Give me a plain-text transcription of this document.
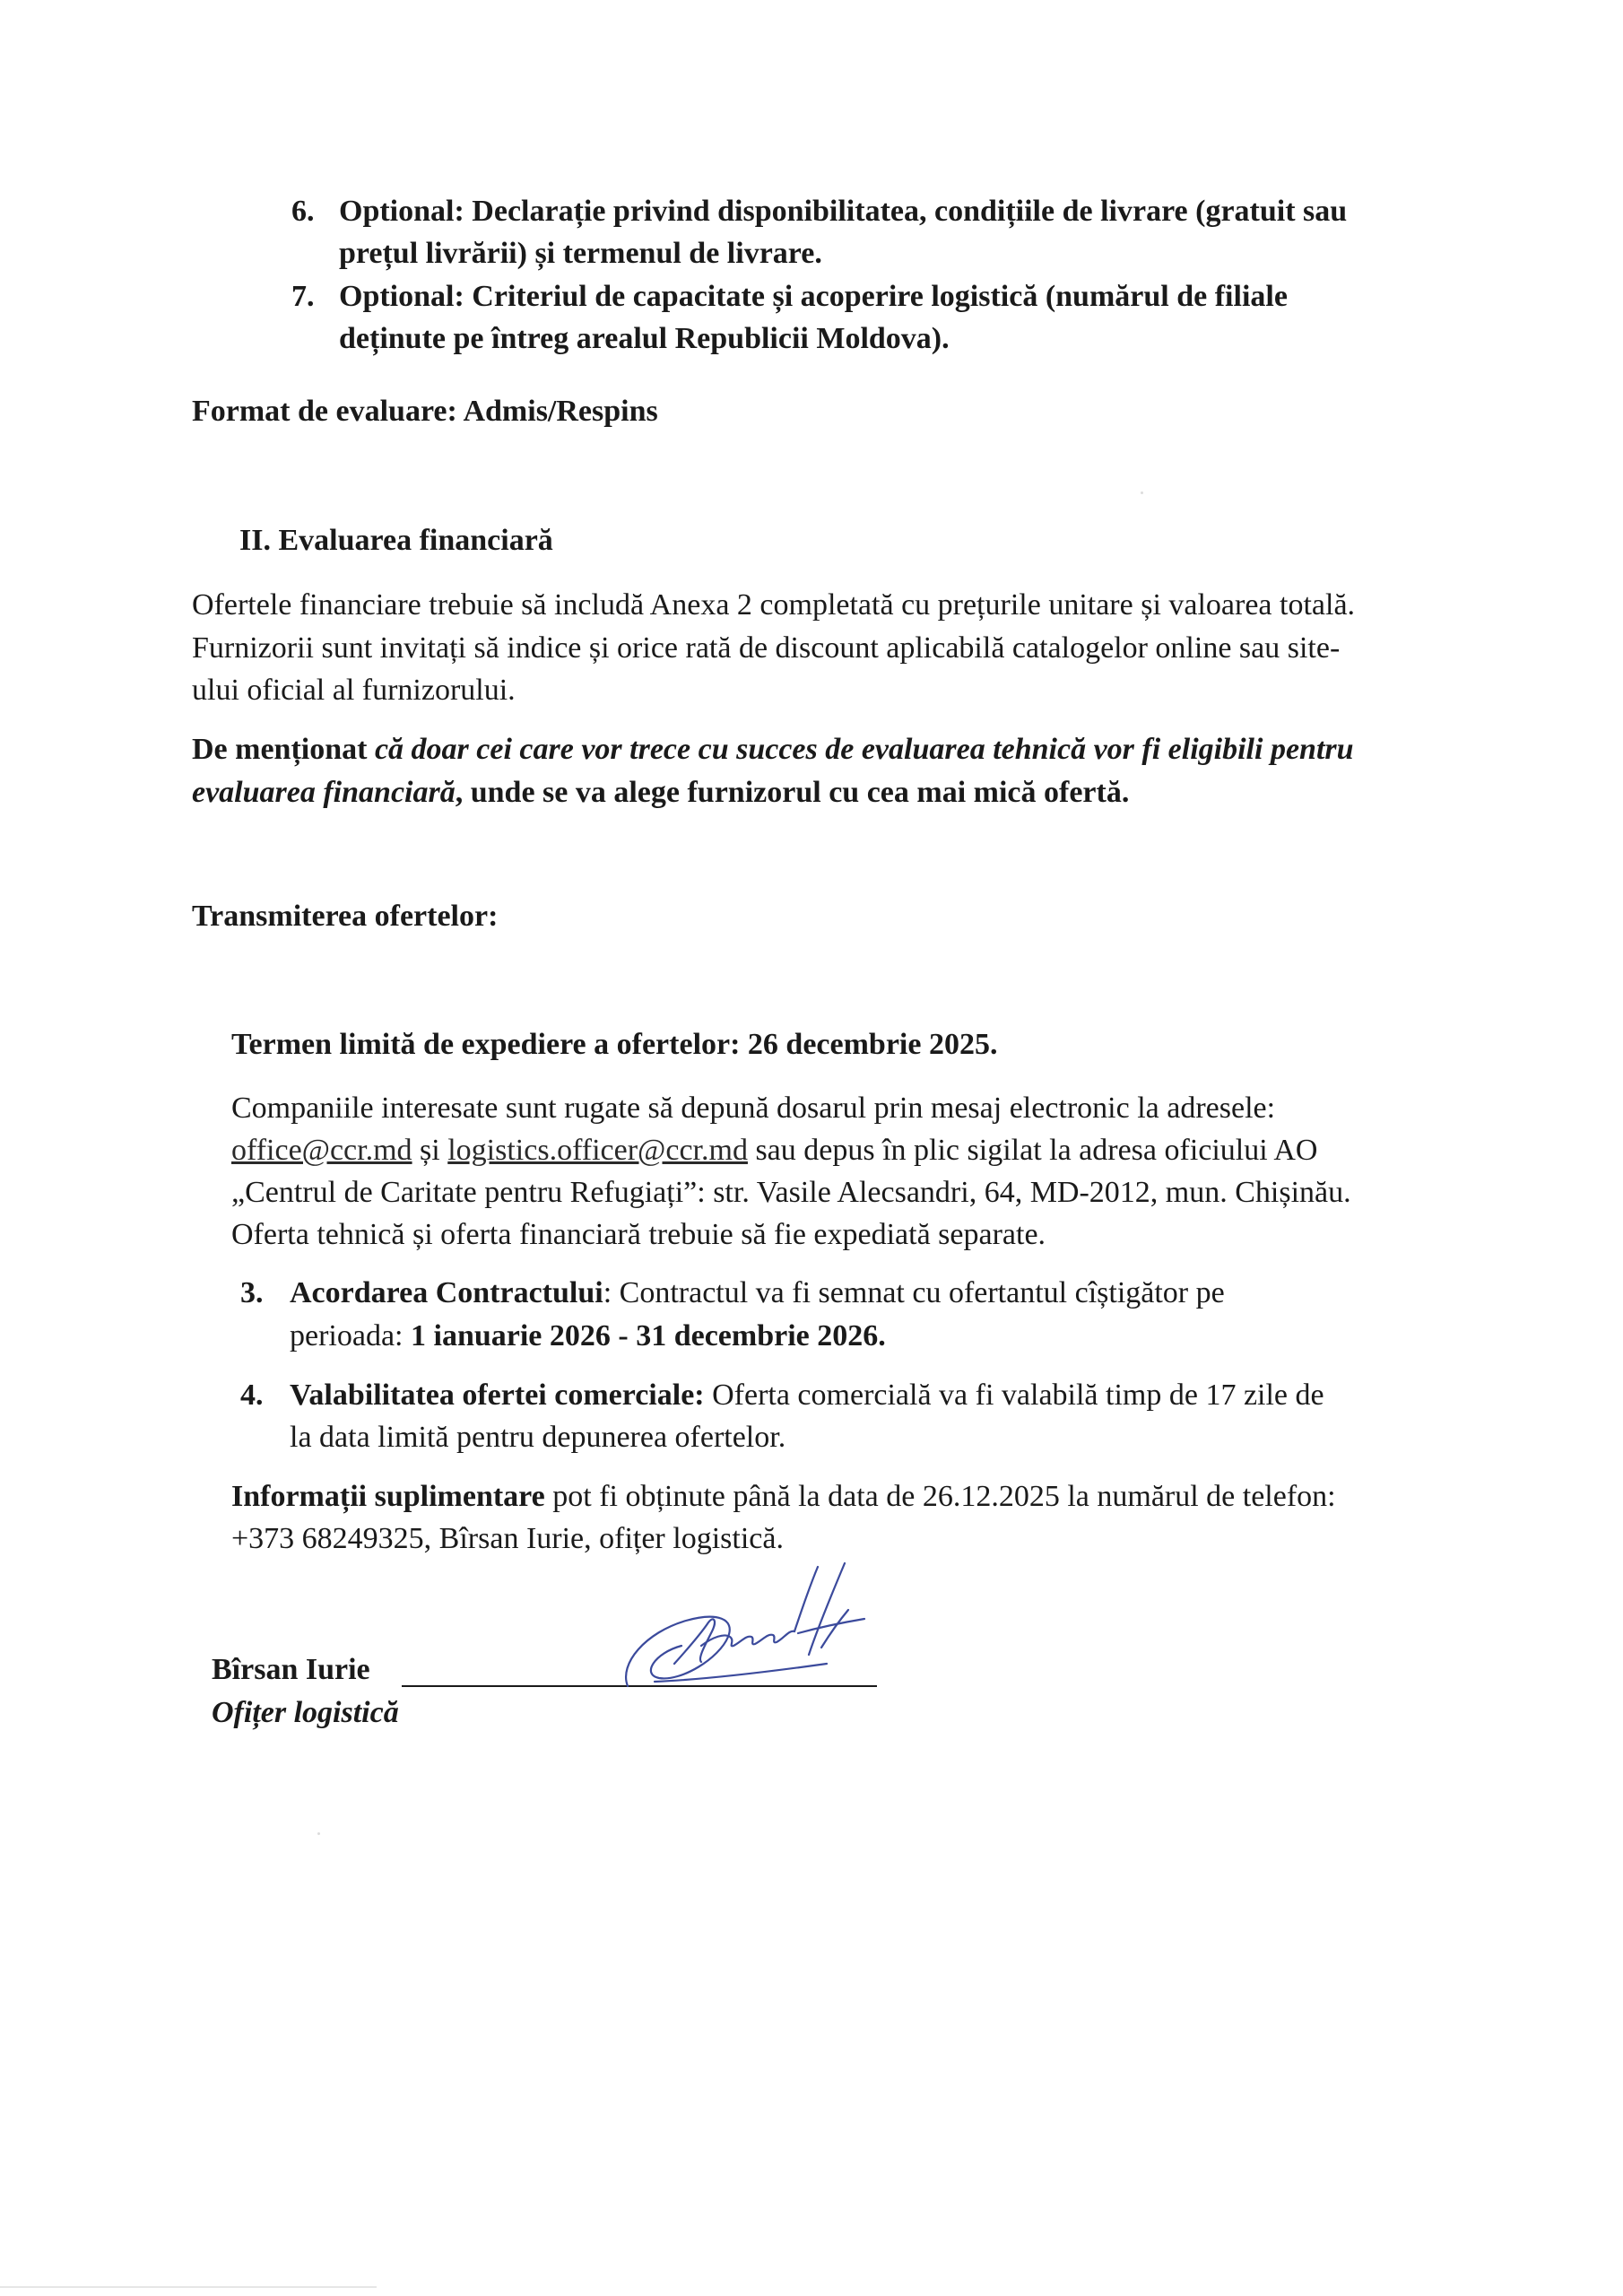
6. Optional: Declarație privind disponibilitatea, condițiile de livrare (gratuit sau
prețul livrării) și termenul de livrare.
7. Optional: Criteriul de capacitate și acoperire logistică (numărul de filiale
deținute pe întreg arealul Republicii Moldova).
Format de evaluare: Admis/Respins
II. Evaluarea financiară
Ofertele financiare trebuie să includă Anexa 2 completată cu prețurile unitare și valoarea totală.
Furnizorii sunt invitați să indice și orice rată de discount aplicabilă catalogelor online sau site-
ului oficial al furnizorului.
De menționat că doar cei care vor trece cu succes de evaluarea tehnică vor fi eligibili pentru
evaluarea financiară, unde se va alege furnizorul cu cea mai mică ofertă.
Transmiterea ofertelor:
Termen limită de expediere a ofertelor: 26 decembrie 2025.
Companiile interesate sunt rugate să depună dosarul prin mesaj electronic la adresele:
office@ccr.md și logistics.officer@ccr.md sau depus în plic sigilat la adresa oficiului AO
„Centrul de Caritate pentru Refugiați”: str. Vasile Alecsandri, 64, MD-2012, mun. Chișinău.
Oferta tehnică și oferta financiară trebuie să fie expediată separate.
3. Acordarea Contractului: Contractul va fi semnat cu ofertantul cîștigător pe
perioada: 1 ianuarie 2026 - 31 decembrie 2026.
4. Valabilitatea ofertei comerciale: Oferta comercială va fi valabilă timp de 17 zile de
la data limită pentru depunerea ofertelor.
Informații suplimentare pot fi obținute până la data de 26.12.2025 la numărul de telefon:
+373 68249325, Bîrsan Iurie, ofițer logistică.
Bîrsan Iurie
Ofițer logistică
